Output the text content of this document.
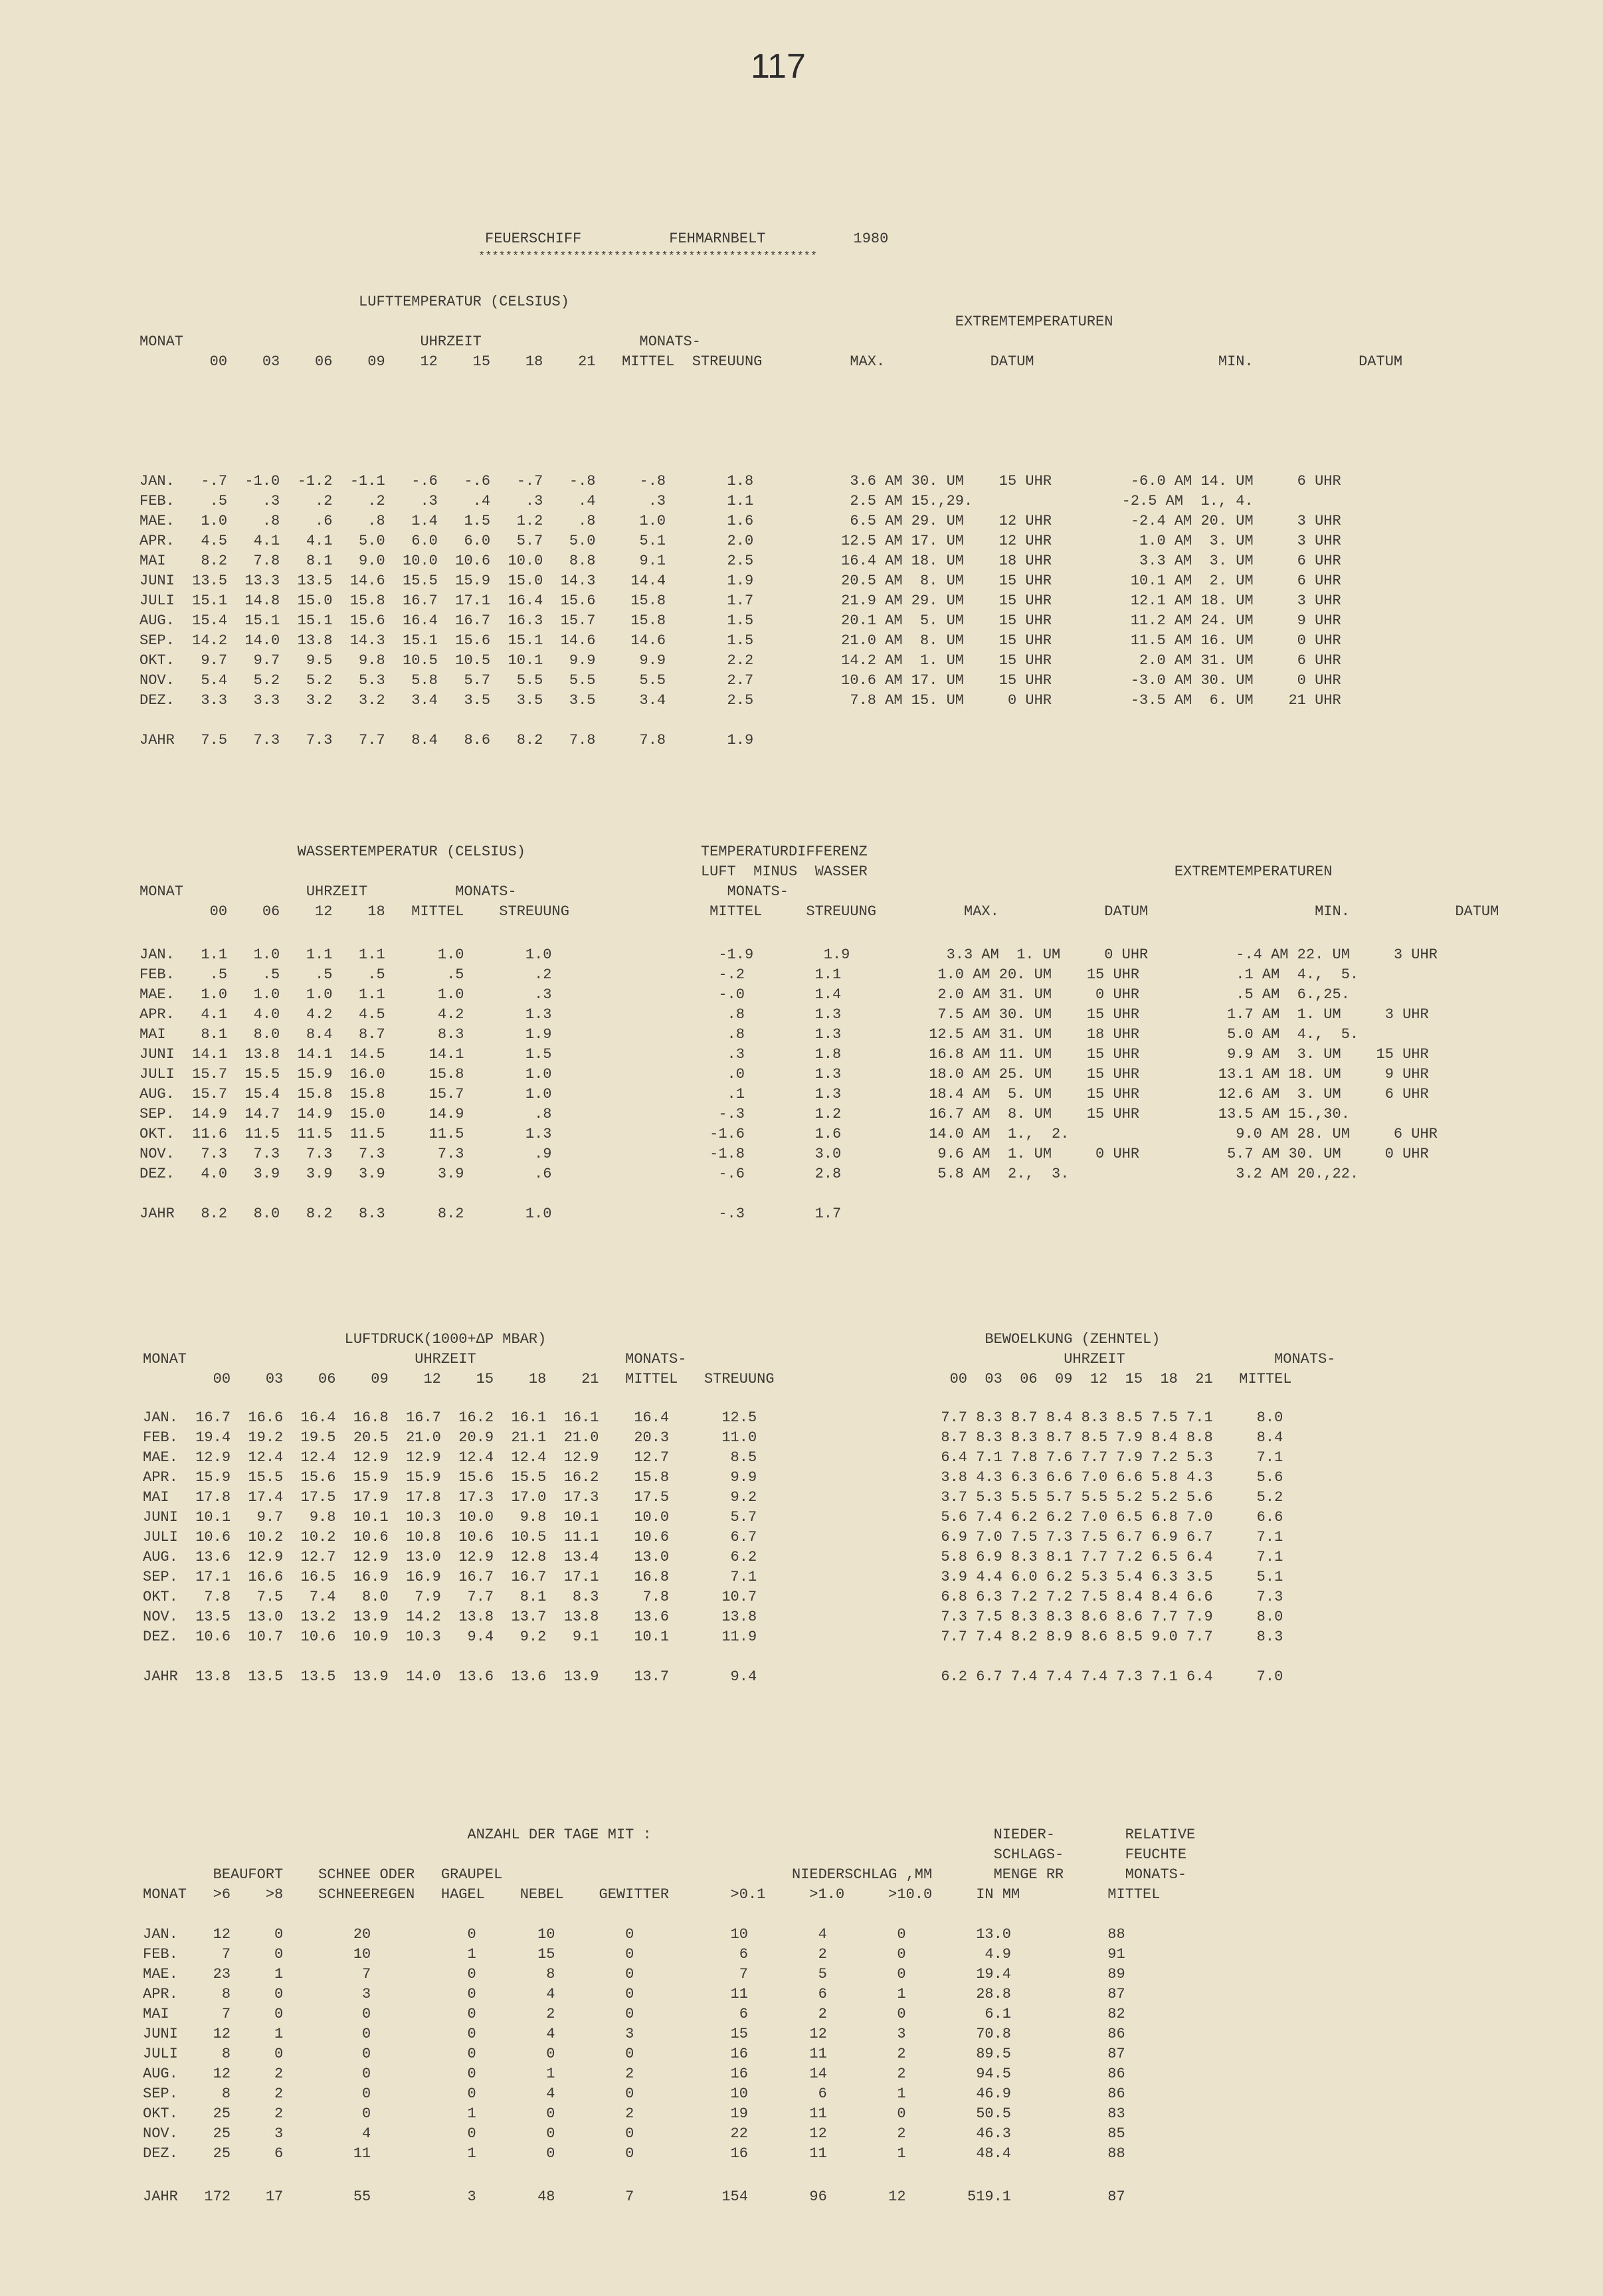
117
FEUERSCHIFF          FEHMARNBELT          1980
**************************************************
LUFTTEMPERATUR (CELSIUS)
EXTREMTEMPERATUREN
MONAT                           UHRZEIT                  MONATS-
00    03    06    09    12    15    18    21   MITTEL  STREUUNG          MAX.            DATUM                     MIN.            DATUM
JAN.   -.7  -1.0  -1.2  -1.1   -.6   -.6   -.7   -.8     -.8       1.8           3.6 AM 30. UM    15 UHR         -6.0 AM 14. UM     6 UHR
FEB.    .5    .3    .2    .2    .3    .4    .3    .4      .3       1.1           2.5 AM 15.,29.                 -2.5 AM  1., 4.
MAE.   1.0    .8    .6    .8   1.4   1.5   1.2    .8     1.0       1.6           6.5 AM 29. UM    12 UHR         -2.4 AM 20. UM     3 UHR
APR.   4.5   4.1   4.1   5.0   6.0   6.0   5.7   5.0     5.1       2.0          12.5 AM 17. UM    12 UHR          1.0 AM  3. UM     3 UHR
MAI    8.2   7.8   8.1   9.0  10.0  10.6  10.0   8.8     9.1       2.5          16.4 AM 18. UM    18 UHR          3.3 AM  3. UM     6 UHR
JUNI  13.5  13.3  13.5  14.6  15.5  15.9  15.0  14.3    14.4       1.9          20.5 AM  8. UM    15 UHR         10.1 AM  2. UM     6 UHR
JULI  15.1  14.8  15.0  15.8  16.7  17.1  16.4  15.6    15.8       1.7          21.9 AM 29. UM    15 UHR         12.1 AM 18. UM     3 UHR
AUG.  15.4  15.1  15.1  15.6  16.4  16.7  16.3  15.7    15.8       1.5          20.1 AM  5. UM    15 UHR         11.2 AM 24. UM     9 UHR
SEP.  14.2  14.0  13.8  14.3  15.1  15.6  15.1  14.6    14.6       1.5          21.0 AM  8. UM    15 UHR         11.5 AM 16. UM     0 UHR
OKT.   9.7   9.7   9.5   9.8  10.5  10.5  10.1   9.9     9.9       2.2          14.2 AM  1. UM    15 UHR          2.0 AM 31. UM     6 UHR
NOV.   5.4   5.2   5.2   5.3   5.8   5.7   5.5   5.5     5.5       2.7          10.6 AM 17. UM    15 UHR         -3.0 AM 30. UM     0 UHR
DEZ.   3.3   3.3   3.2   3.2   3.4   3.5   3.5   3.5     3.4       2.5           7.8 AM 15. UM     0 UHR         -3.5 AM  6. UM    21 UHR
JAHR   7.5   7.3   7.3   7.7   8.4   8.6   8.2   7.8     7.8       1.9
WASSERTEMPERATUR (CELSIUS)                    TEMPERATURDIFFERENZ
LUFT  MINUS  WASSER                                   EXTREMTEMPERATUREN
MONAT              UHRZEIT          MONATS-                        MONATS-
00    06    12    18   MITTEL    STREUUNG                MITTEL     STREUUNG          MAX.            DATUM                   MIN.            DATUM
JAN.   1.1   1.0   1.1   1.1      1.0       1.0                   -1.9        1.9           3.3 AM  1. UM     0 UHR          -.4 AM 22. UM     3 UHR
FEB.    .5    .5    .5    .5       .5        .2                   -.2        1.1           1.0 AM 20. UM    15 UHR           .1 AM  4.,  5.
MAE.   1.0   1.0   1.0   1.1      1.0        .3                   -.0        1.4           2.0 AM 31. UM     0 UHR           .5 AM  6.,25.
APR.   4.1   4.0   4.2   4.5      4.2       1.3                    .8        1.3           7.5 AM 30. UM    15 UHR          1.7 AM  1. UM     3 UHR
MAI    8.1   8.0   8.4   8.7      8.3       1.9                    .8        1.3          12.5 AM 31. UM    18 UHR          5.0 AM  4.,  5.
JUNI  14.1  13.8  14.1  14.5     14.1       1.5                    .3        1.8          16.8 AM 11. UM    15 UHR          9.9 AM  3. UM    15 UHR
JULI  15.7  15.5  15.9  16.0     15.8       1.0                    .0        1.3          18.0 AM 25. UM    15 UHR         13.1 AM 18. UM     9 UHR
AUG.  15.7  15.4  15.8  15.8     15.7       1.0                    .1        1.3          18.4 AM  5. UM    15 UHR         12.6 AM  3. UM     6 UHR
SEP.  14.9  14.7  14.9  15.0     14.9        .8                   -.3        1.2          16.7 AM  8. UM    15 UHR         13.5 AM 15.,30.
OKT.  11.6  11.5  11.5  11.5     11.5       1.3                  -1.6        1.6          14.0 AM  1.,  2.                   9.0 AM 28. UM     6 UHR
NOV.   7.3   7.3   7.3   7.3      7.3        .9                  -1.8        3.0           9.6 AM  1. UM     0 UHR          5.7 AM 30. UM     0 UHR
DEZ.   4.0   3.9   3.9   3.9      3.9        .6                   -.6        2.8           5.8 AM  2.,  3.                   3.2 AM 20.,22.
JAHR   8.2   8.0   8.2   8.3      8.2       1.0                   -.3        1.7
LUFTDRUCK(1000+ΔP MBAR)                                                  BEWOELKUNG (ZEHNTEL)
MONAT                          UHRZEIT                 MONATS-                                           UHRZEIT                 MONATS-
00    03    06    09    12    15    18    21   MITTEL   STREUUNG                    00  03  06  09  12  15  18  21   MITTEL
JAN.  16.7  16.6  16.4  16.8  16.7  16.2  16.1  16.1    16.4      12.5                     7.7 8.3 8.7 8.4 8.3 8.5 7.5 7.1     8.0
FEB.  19.4  19.2  19.5  20.5  21.0  20.9  21.1  21.0    20.3      11.0                     8.7 8.3 8.3 8.7 8.5 7.9 8.4 8.8     8.4
MAE.  12.9  12.4  12.4  12.9  12.9  12.4  12.4  12.9    12.7       8.5                     6.4 7.1 7.8 7.6 7.7 7.9 7.2 5.3     7.1
APR.  15.9  15.5  15.6  15.9  15.9  15.6  15.5  16.2    15.8       9.9                     3.8 4.3 6.3 6.6 7.0 6.6 5.8 4.3     5.6
MAI   17.8  17.4  17.5  17.9  17.8  17.3  17.0  17.3    17.5       9.2                     3.7 5.3 5.5 5.7 5.5 5.2 5.2 5.6     5.2
JUNI  10.1   9.7   9.8  10.1  10.3  10.0   9.8  10.1    10.0       5.7                     5.6 7.4 6.2 6.2 7.0 6.5 6.8 7.0     6.6
JULI  10.6  10.2  10.2  10.6  10.8  10.6  10.5  11.1    10.6       6.7                     6.9 7.0 7.5 7.3 7.5 6.7 6.9 6.7     7.1
AUG.  13.6  12.9  12.7  12.9  13.0  12.9  12.8  13.4    13.0       6.2                     5.8 6.9 8.3 8.1 7.7 7.2 6.5 6.4     7.1
SEP.  17.1  16.6  16.5  16.9  16.9  16.7  16.7  17.1    16.8       7.1                     3.9 4.4 6.0 6.2 5.3 5.4 6.3 3.5     5.1
OKT.   7.8   7.5   7.4   8.0   7.9   7.7   8.1   8.3     7.8      10.7                     6.8 6.3 7.2 7.2 7.5 8.4 8.4 6.6     7.3
NOV.  13.5  13.0  13.2  13.9  14.2  13.8  13.7  13.8    13.6      13.8                     7.3 7.5 8.3 8.3 8.6 8.6 7.7 7.9     8.0
DEZ.  10.6  10.7  10.6  10.9  10.3   9.4   9.2   9.1    10.1      11.9                     7.7 7.4 8.2 8.9 8.6 8.5 9.0 7.7     8.3
JAHR  13.8  13.5  13.5  13.9  14.0  13.6  13.6  13.9    13.7       9.4                     6.2 6.7 7.4 7.4 7.4 7.3 7.1 6.4     7.0
ANZAHL DER TAGE MIT :                                       NIEDER-        RELATIVE
SCHLAGS-       FEUCHTE
BEAUFORT    SCHNEE ODER   GRAUPEL                                 NIEDERSCHLAG ,MM       MENGE RR       MONATS-
MONAT   >6    >8    SCHNEEREGEN   HAGEL    NEBEL    GEWITTER       >0.1     >1.0     >10.0     IN MM          MITTEL
JAN.    12     0        20           0       10        0           10        4        0        13.0           88
FEB.     7     0        10           1       15        0            6        2        0         4.9           91
MAE.    23     1         7           0        8        0            7        5        0        19.4           89
APR.     8     0         3           0        4        0           11        6        1        28.8           87
MAI      7     0         0           0        2        0            6        2        0         6.1           82
JUNI    12     1         0           0        4        3           15       12        3        70.8           86
JULI     8     0         0           0        0        0           16       11        2        89.5           87
AUG.    12     2         0           0        1        2           16       14        2        94.5           86
SEP.     8     2         0           0        4        0           10        6        1        46.9           86
OKT.    25     2         0           1        0        2           19       11        0        50.5           83
NOV.    25     3         4           0        0        0           22       12        2        46.3           85
DEZ.    25     6        11           1        0        0           16       11        1        48.4           88
JAHR   172    17        55           3       48        7          154       96       12       519.1           87
